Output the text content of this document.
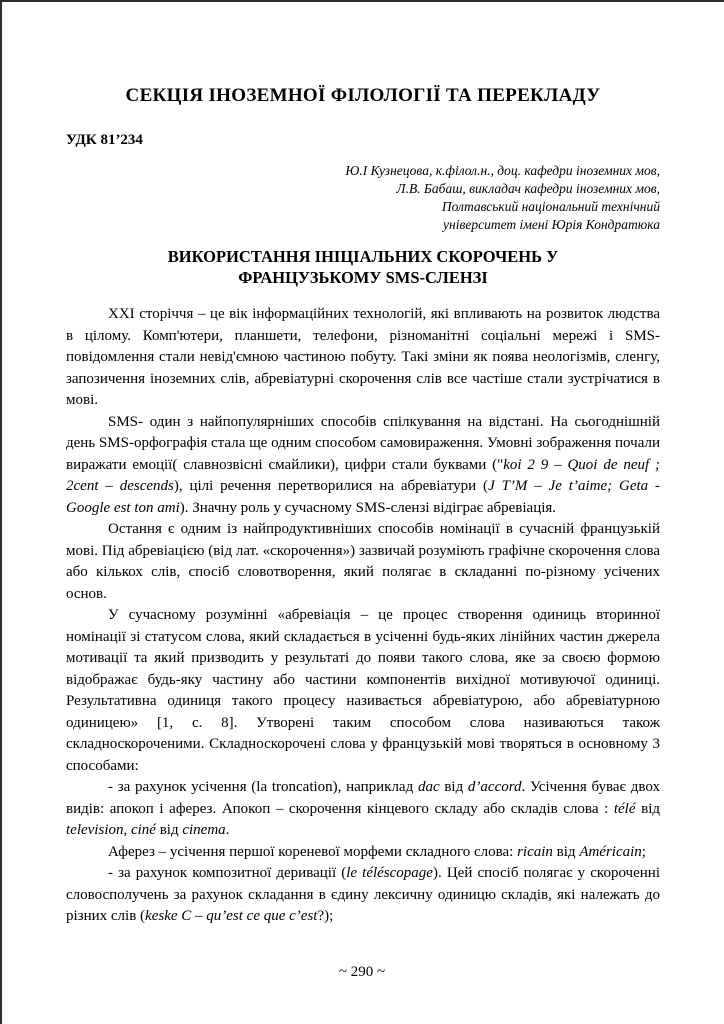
СЕКЦІЯ ІНОЗЕМНОЇ ФІЛОЛОГІЇ ТА ПЕРЕКЛАДУ
УДК 81’234
Ю.І Кузнецова, к.філол.н., доц. кафедри іноземних мов,
Л.В. Бабаш, викладач кафедри іноземних мов,
Полтавський національний технічний
університет імені Юрія Кондратюка
ВИКОРИСТАННЯ ІНІЦІАЛЬНИХ СКОРОЧЕНЬ У
ФРАНЦУЗЬКОМУ SMS-СЛЕНЗІ

XXI сторіччя – це вік інформаційних технологій, які впливають на розвиток людства в цілому. Комп'ютери, планшети, телефони, різноманітні соціальні мережі і SMS-повідомлення стали невід'ємною частиною побуту. Такі зміни як поява неологізмів, сленгу, запозичення іноземних слів, абревіатурні скорочення слів все частіше стали зустрічатися в мові.

SMS- один з найпопулярніших способів спілкування на відстані. На сьогоднішній день SMS-орфографія стала ще одним способом самовираження. Умовні зображення почали виражати емоції( славнозвісні смайлики), цифри стали буквами ("koi 2 9 – Quoi de neuf ; 2cent – descends), цілі речення перетворилися на абревіатури (J T’M – Je t’aime; Geta - Google est ton ami). Значну роль у сучасному SMS-слензі відіграє абревіація.

Остання є одним із найпродуктивніших способів номінації в сучасній французькій мові. Під абревіацією (від лат. «скорочення») зазвичай розуміють графічне скорочення слова або кількох слів, спосіб словотворення, який полягає в складанні по-різному усічених основ.

У сучасному розумінні «абревіація – це процес створення одиниць вторинної номінації зі статусом слова, який складається в усіченні будь-яких лінійних частин джерела мотивації та який призводить у результаті до появи такого слова, яке за своєю формою відображає будь-яку частину або частини компонентів вихідної мотивуючої одиниці. Результативна одиниця такого процесу називається абревіатурою, або абревіатурною одиницею» [1, с. 8]. Утворені таким способом слова називаються також складноскороченими. Складноскорочені слова у французькій мові творяться в основному 3 способами:

- за рахунок усічення (la troncation), наприклад dac від d’accord. Усічення буває двох видів: апокоп і аферез. Апокоп – скорочення кінцевого складу або складів слова : télé від television, ciné від cinema.

Аферез – усічення першої кореневої морфеми складного слова: ricain від Américain;

- за рахунок композитної деривації (le téléscopage). Цей спосіб полягає у скороченні словосполучень за рахунок складання в єдину лексичну одиницю складів, які належать до різних слів (keske C – qu’est ce que c’est?);

~ 290 ~
